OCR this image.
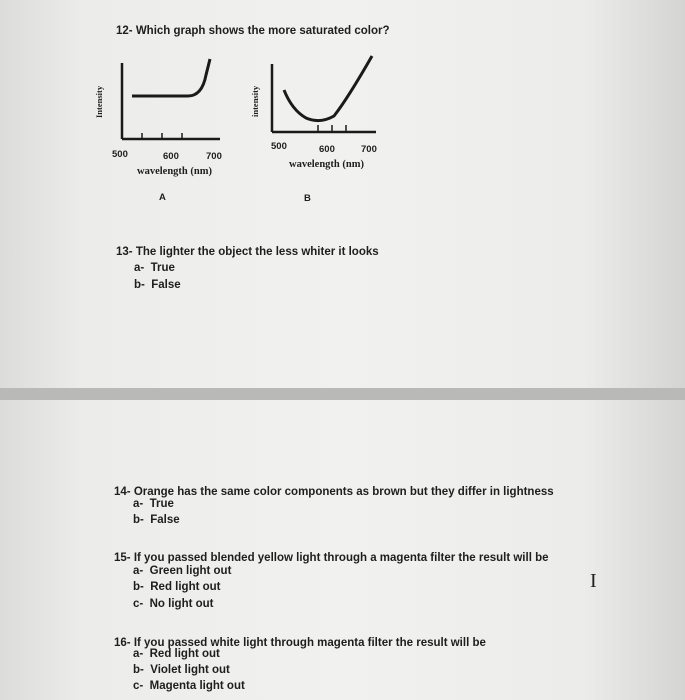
12- Which graph shows the more saturated color?
Intensity
500	600	700
wavelength (nm)
A
intensity
500	600	700
wavelength (nm)
B
13- The lighter the object the less whiter it looks
a- True
b- False
14- Orange has the same color components as brown but they differ in lightness
a- True
b- False
15- If you passed blended yellow light through a magenta filter the result will be
a- Green light out
b- Red light out
c- No light out
I
16- If you passed white light through magenta filter the result will be
a- Red light out
b- Violet light out
c- Magenta light out
